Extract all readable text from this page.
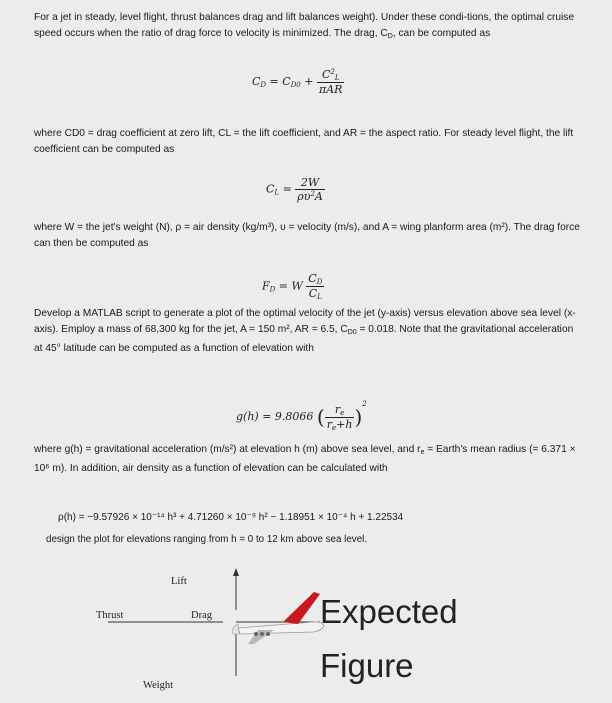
For a jet in steady, level flight, thrust balances drag and lift balances weight). Under these condi-tions, the optimal cruise speed occurs when the ratio of drag force to velocity is minimized. The drag, $C_D$, can be computed as
$C_D = C_{D0} + \frac{C^2_L}{\text{πAR}}$
where CD0 = drag coefficient at zero lift, CL = the lift coefficient, and AR = the aspect ratio. For steady level flight, the lift coefficient can be computed as
$C_L = \frac{2W}{\rho\upsilon^2A}$
where W = the jet's weight (N), ρ = air density (kg/m³), υ = velocity (m/s), and A = wing planform area (m²). The drag force can then be computed as
$F_D = W \frac{C_D}{C_L}$
Develop a MATLAB script to generate a plot of the optimal velocity of the jet (y-axis) versus elevation above sea level (x-axis). Employ a mass of 68,300 kg for the jet, A = 150 m², AR = 6.5, $C_{D0} = 0.018$. Note that the gravitational acceleration at 45° latitude can be computed as a function of elevation with
g(h) = 9.8066 ( $\frac{r_e}{r_e+h} )^2$
where g(h) = gravitational acceleration (m/s²) at elevation h (m) above sea level, and $r_e$ = Earth's mean radius (= 6.371 × 10⁶ m). In addition, air density as a function of elevation can be calculated with
ρ(h) = −9.57926 × 10⁻¹⁴ h³ + 4.71260 × 10⁻⁹ h² − 1.18951 × 10⁻⁴ h + 1.22534
design the plot for elevations ranging from h = 0 to 12 km above sea level.
Lift
Thrust	Drag
Weight
Expected
Figure
